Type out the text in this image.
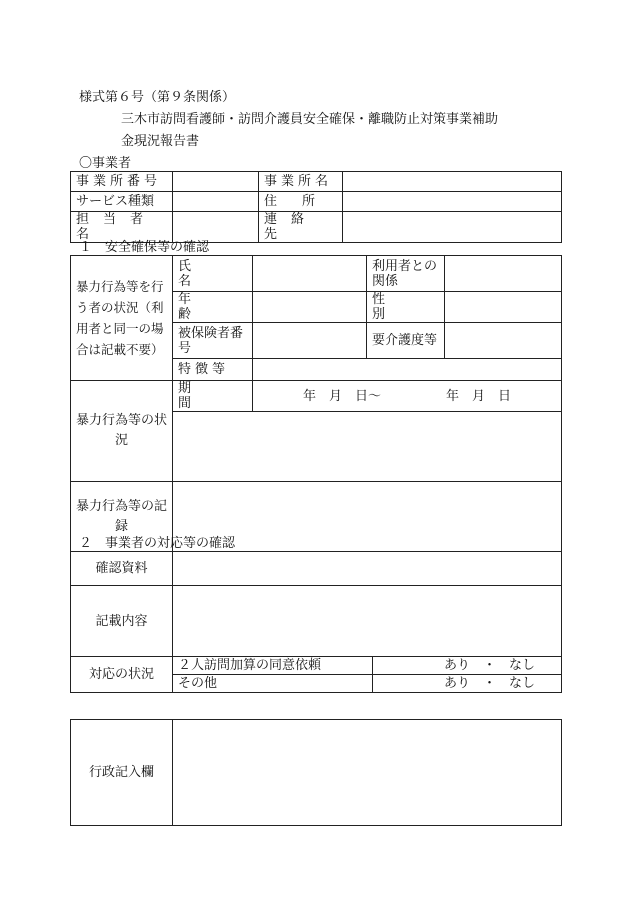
様式第６号（第９条関係）
三木市訪問看護師・訪問介護員安全確保・離職防止対策事業補助
金現況報告書
〇事業者
事業所番号		事業所名	
サービス種類		住　所	
担当者名		連絡先	
１　安全確保等の確認
暴力行為等を行う者の状況（利用者と同一の場合は記載不要）	氏　名		利用者との関係	
	年　齢		性　別	
	被保険者番号		要介護度等	
	特徴等			
暴力行為等の状況	期　間	年　月　日～　　　　　年　月　日		

暴力行為等の記録				
２　事業者の対応等の確認
確認資料		
記載内容		
対応の状況	２人訪問加算の同意依頼	あり　・　なし
	その他	あり　・　なし
行政記入欄	
